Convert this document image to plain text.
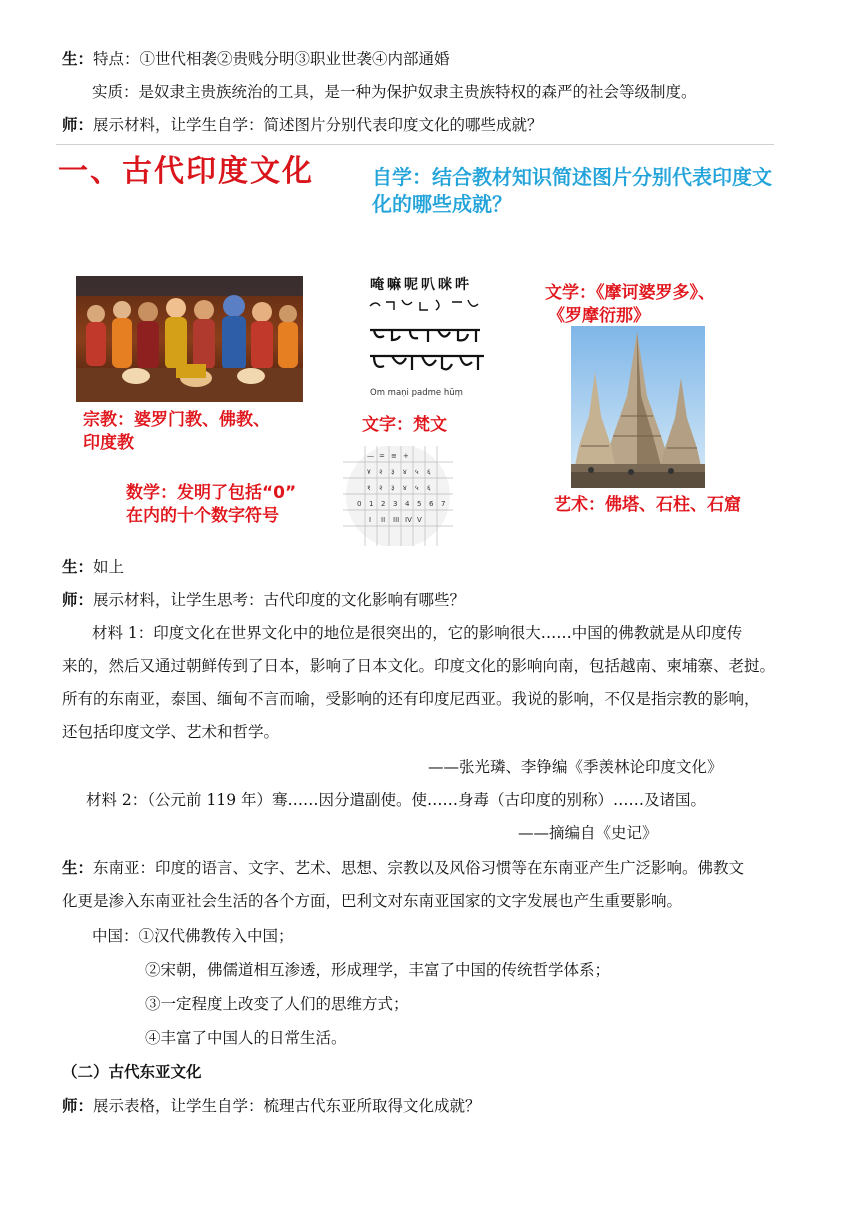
生：特点：①世代相袭②贵贱分明③职业世袭④内部通婚
实质：是奴隶主贵族统治的工具，是一种为保护奴隶主贵族特权的森严的社会等级制度。
师：展示材料，让学生自学：简述图片分别代表印度文化的哪些成就？
一、古代印度文化	自学：结合教材知识简述图片分别代表印度文化的哪些成就？
宗教：婆罗门教、佛教、印度教
数学：发明了包括“0”
在内的十个数字符号
唵嘛呢叭咪吽
Om maṇi padme hūṃ
文字：梵文
— = ≡ +
٧ २ ३ ४ ५ ६
१ २ ३ ४ ५ ६
0 1 2 3 4 5 6 7
I II III IV V
文学：《摩诃婆罗多》、
《罗摩衍那》
艺术：佛塔、石柱、石窟
生：如上
师：展示材料，让学生思考：古代印度的文化影响有哪些？
材料 1：印度文化在世界文化中的地位是很突出的，它的影响很大……中国的佛教就是从印度传
来的，然后又通过朝鲜传到了日本，影响了日本文化。印度文化的影响向南，包括越南、柬埔寨、老挝。
所有的东南亚，泰国、缅甸不言而喻，受影响的还有印度尼西亚。我说的影响，不仅是指宗教的影响，
还包括印度文学、艺术和哲学。
——张光璘、李铮编《季羡林论印度文化》
材料 2：（公元前 119 年）骞……因分遣副使。使……身毒（古印度的别称）……及诸国。
——摘编自《史记》
生：东南亚：印度的语言、文字、艺术、思想、宗教以及风俗习惯等在东南亚产生广泛影响。佛教文
化更是渗入东南亚社会生活的各个方面，巴利文对东南亚国家的文字发展也产生重要影响。
中国：①汉代佛教传入中国；
②宋朝，佛儒道相互渗透，形成理学，丰富了中国的传统哲学体系；
③一定程度上改变了人们的思维方式；
④丰富了中国人的日常生活。
（二）古代东亚文化
师：展示表格，让学生自学：梳理古代东亚所取得文化成就？
